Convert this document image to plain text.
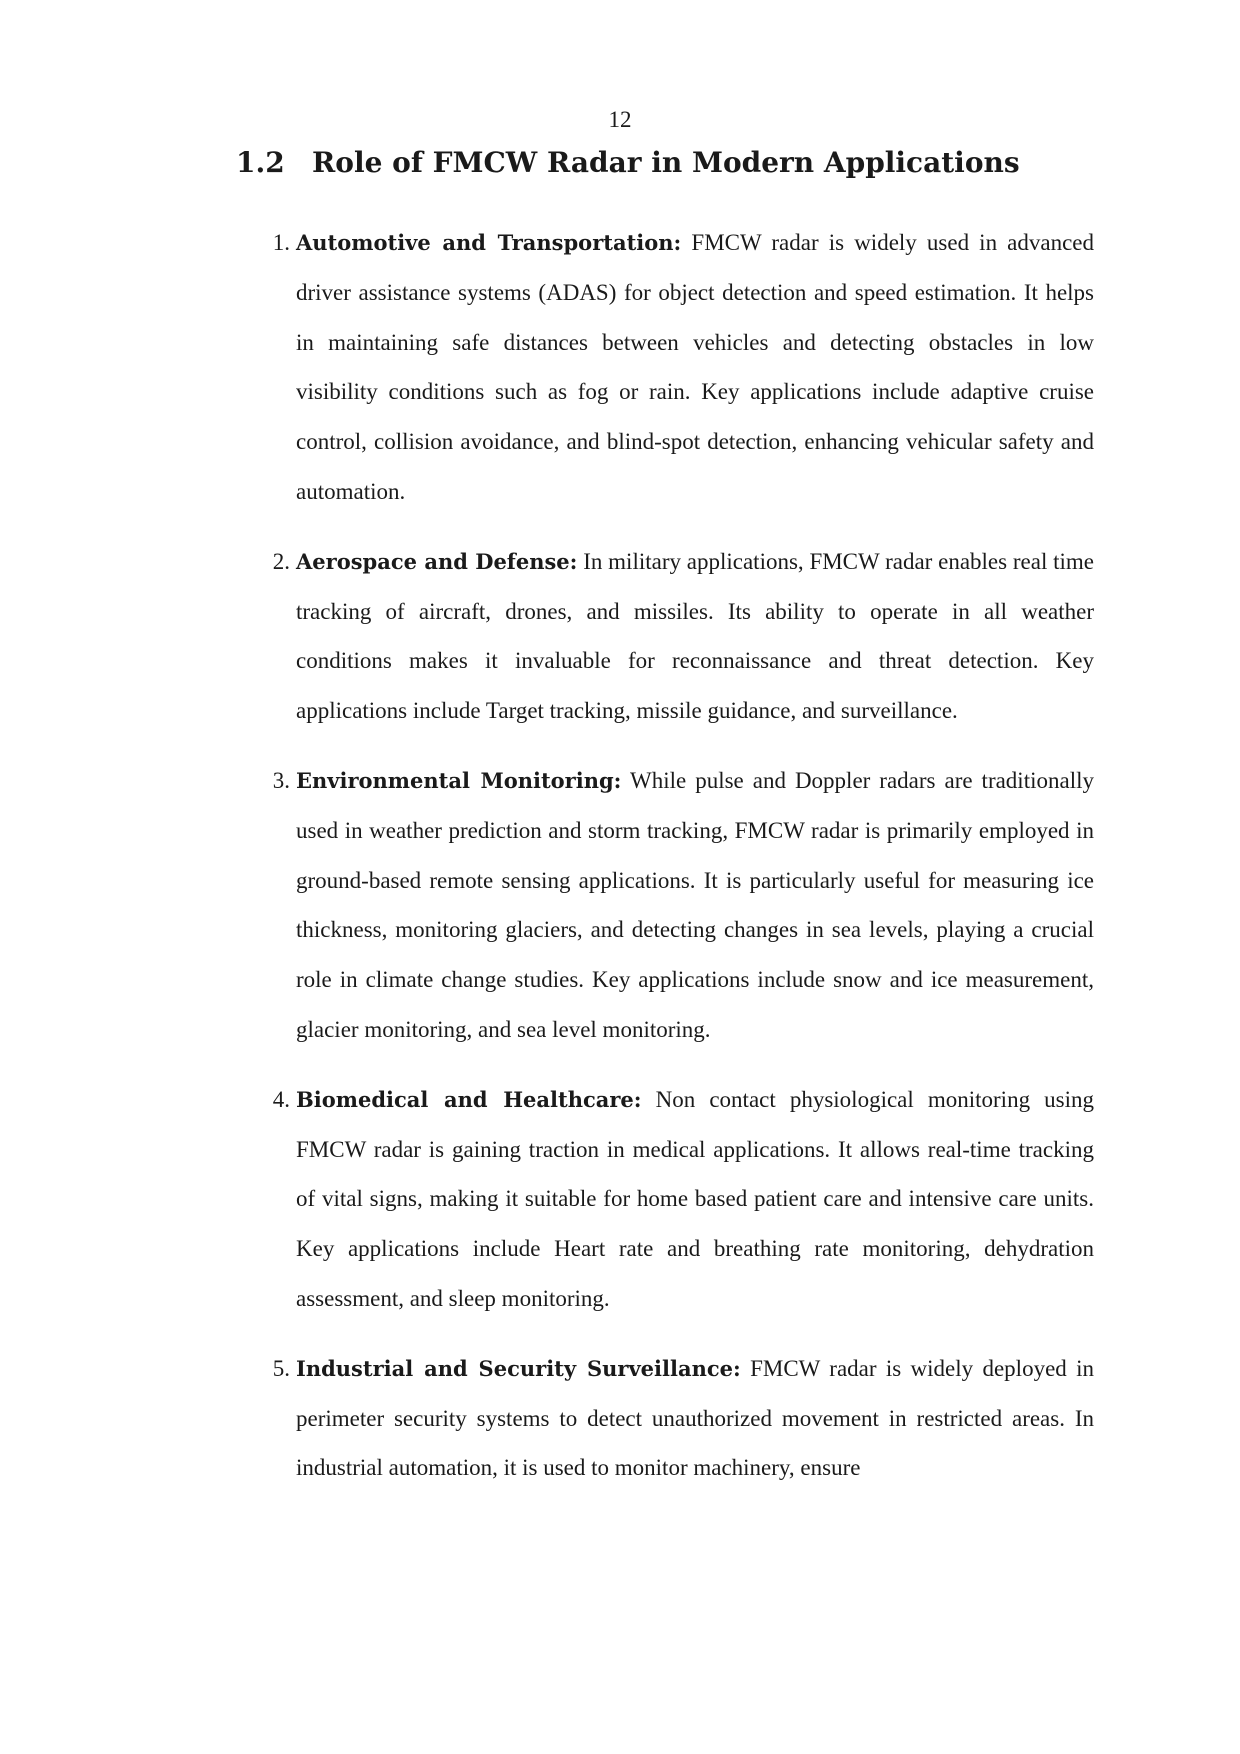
12
1.2 Role of FMCW Radar in Modern Applications
1. Automotive and Transportation: FMCW radar is widely used in advanced driver assistance systems (ADAS) for object detection and speed estimation. It helps in maintaining safe distances between vehicles and detecting obstacles in low visibility conditions such as fog or rain. Key applications include adaptive cruise control, collision avoidance, and blind-spot detection, enhancing vehicular safety and automation.
2. Aerospace and Defense: In military applications, FMCW radar enables real time tracking of aircraft, drones, and missiles. Its ability to operate in all weather conditions makes it invaluable for reconnaissance and threat detection. Key applications include Target tracking, missile guidance, and surveillance.
3. Environmental Monitoring: While pulse and Doppler radars are traditionally used in weather prediction and storm tracking, FMCW radar is primarily employed in ground-based remote sensing applications. It is particularly useful for measuring ice thickness, monitoring glaciers, and detecting changes in sea levels, playing a crucial role in climate change studies. Key applications include snow and ice measurement, glacier monitoring, and sea level monitoring.
4. Biomedical and Healthcare: Non contact physiological monitoring using FMCW radar is gaining traction in medical applications. It allows real-time tracking of vital signs, making it suitable for home based patient care and intensive care units. Key applications include Heart rate and breathing rate monitoring, dehydration assessment, and sleep monitoring.
5. Industrial and Security Surveillance: FMCW radar is widely deployed in perimeter security systems to detect unauthorized movement in restricted areas. In industrial automation, it is used to monitor machinery, ensure
